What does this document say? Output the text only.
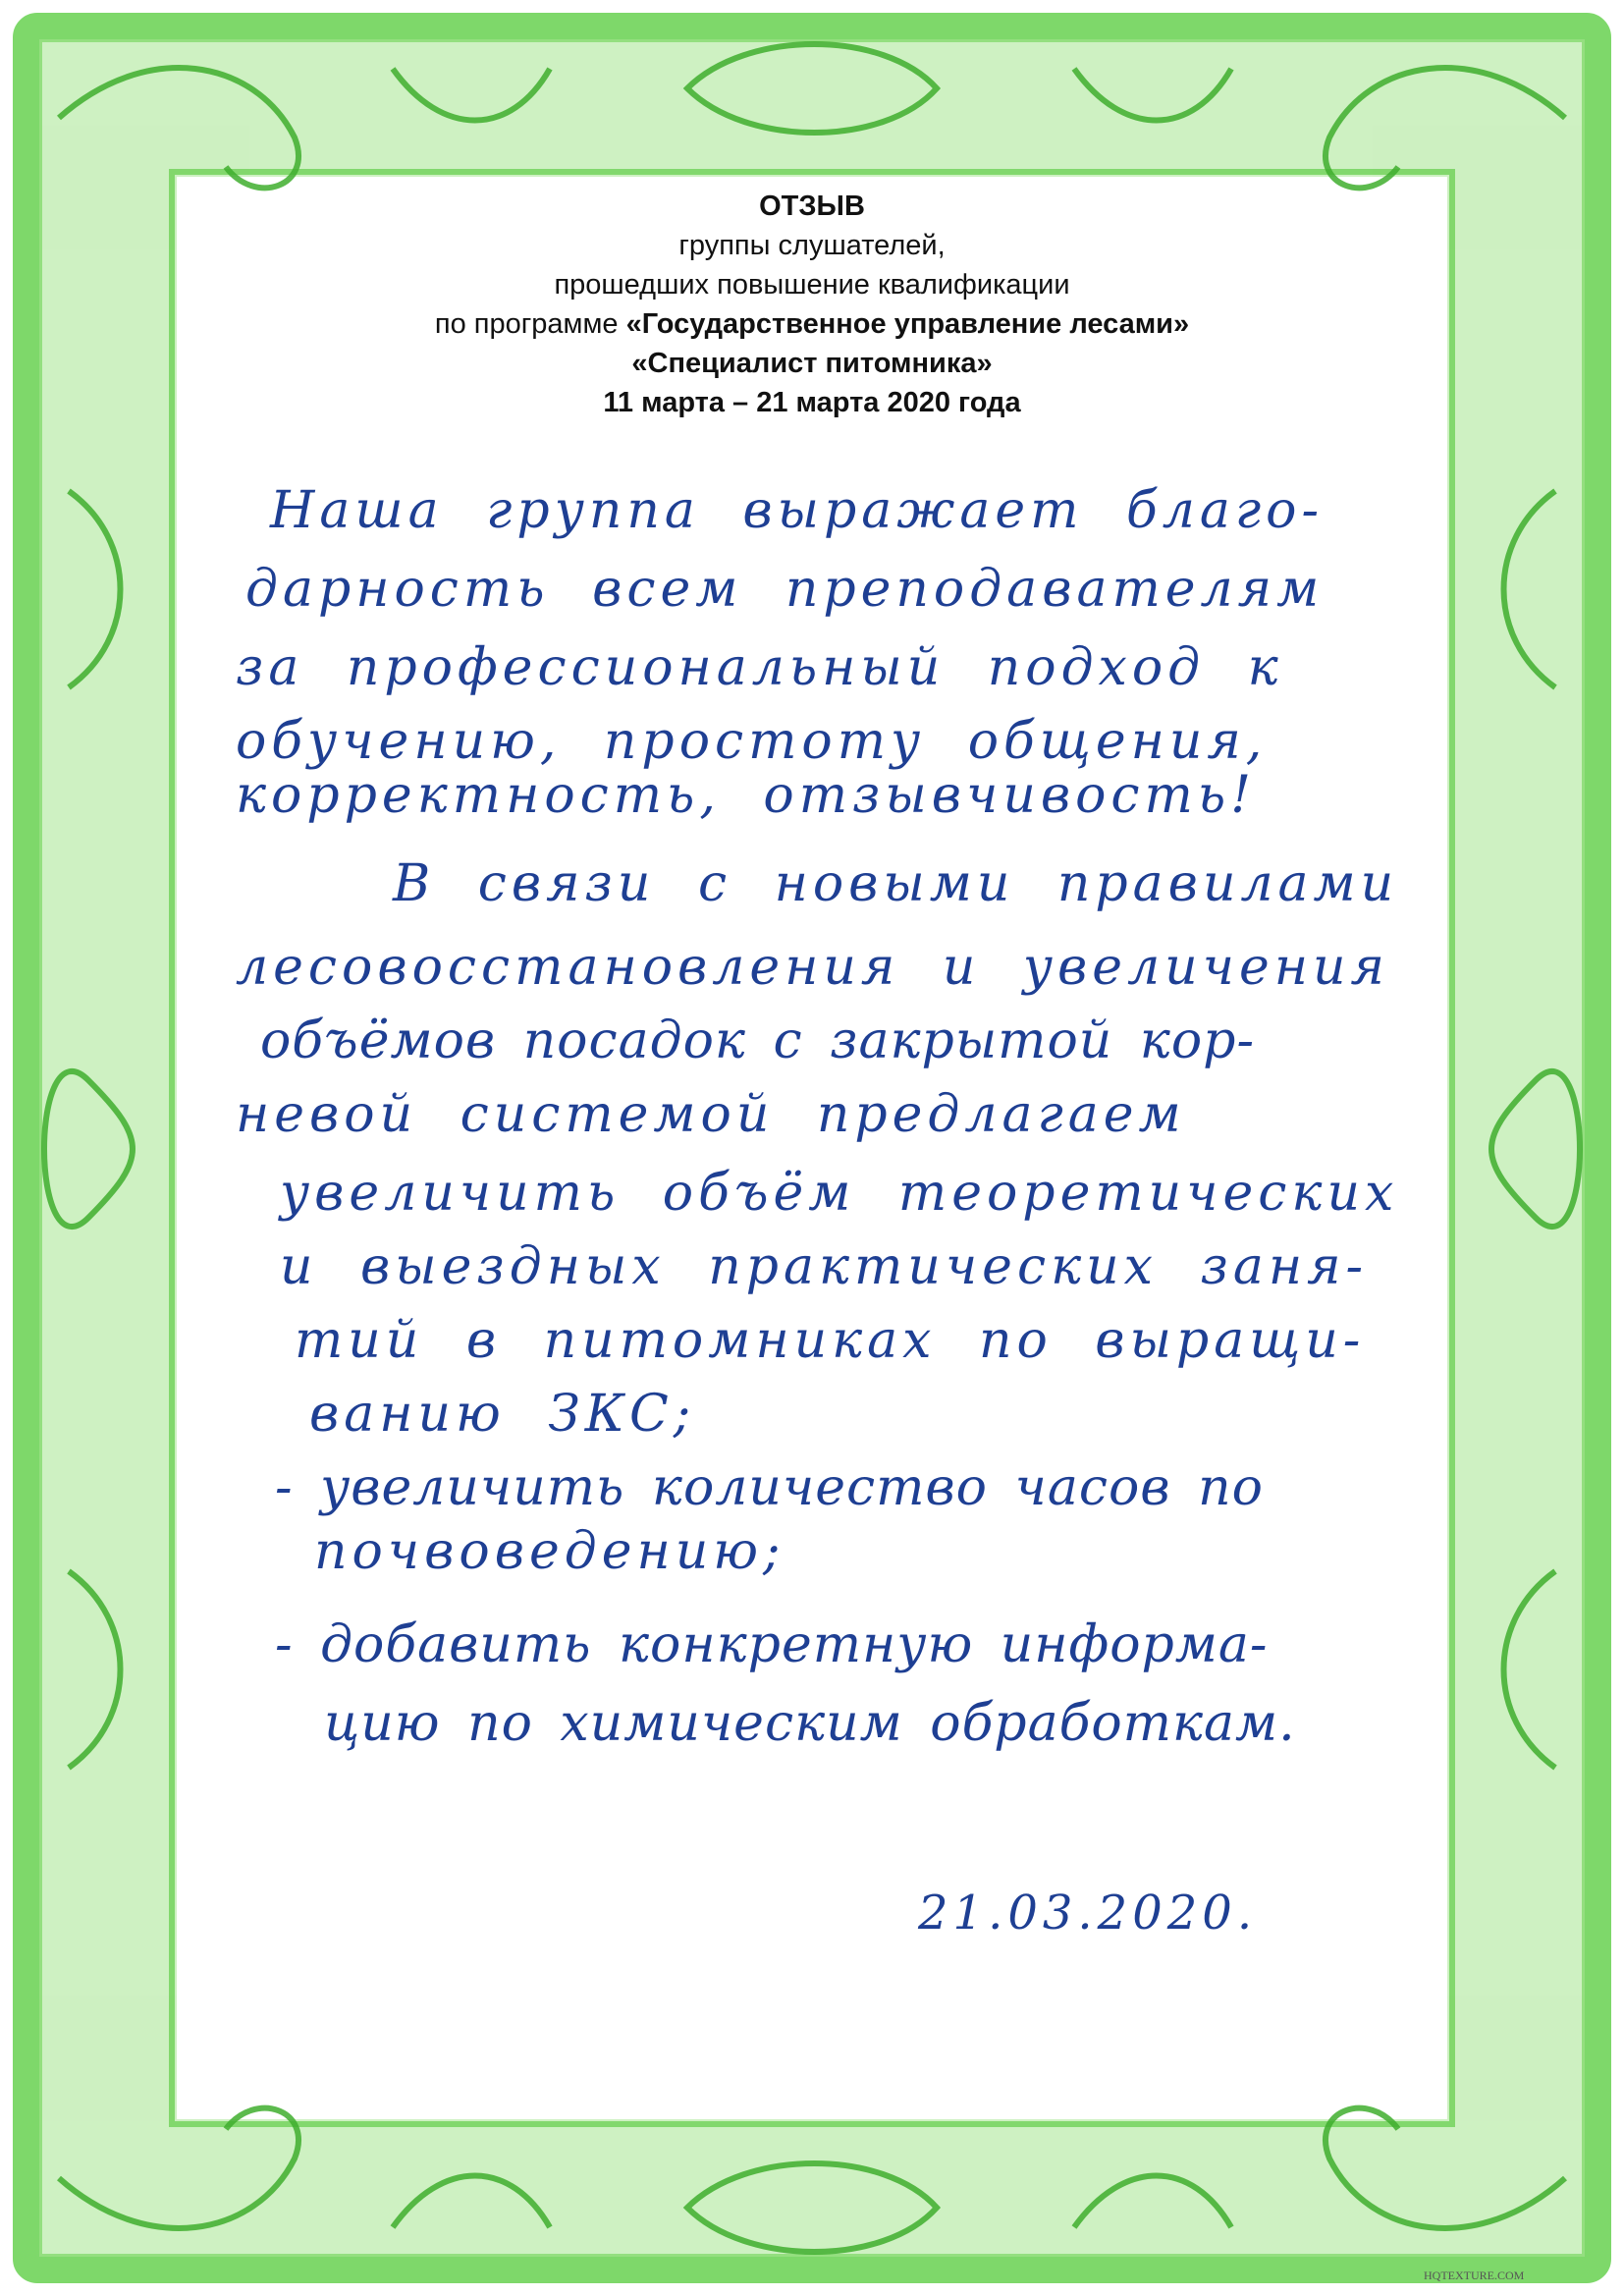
ОТЗЫВ
группы слушателей,
прошедших повышение квалификации
по программе «Государственное управление лесами»
«Специалист питомника»
11 марта – 21 марта 2020 года
Наша группа выражает благо-
дарность всем преподавателям
за профессиональный подход к
обучению, простоту общения,
корректность, отзывчивость!
В связи с новыми правилами
лесовосстановления и увеличения
объёмов посадок с закрытой кор-
невой системой предлагаем
увеличить объём теоретических
и выездных практических заня-
тий в питомниках по выращи-
ванию ЗКС;
- увеличить количество часов по
почвоведению;
- добавить конкретную информа-
цию по химическим обработкам.
21.03.2020.
HQTEXTURE.COM
